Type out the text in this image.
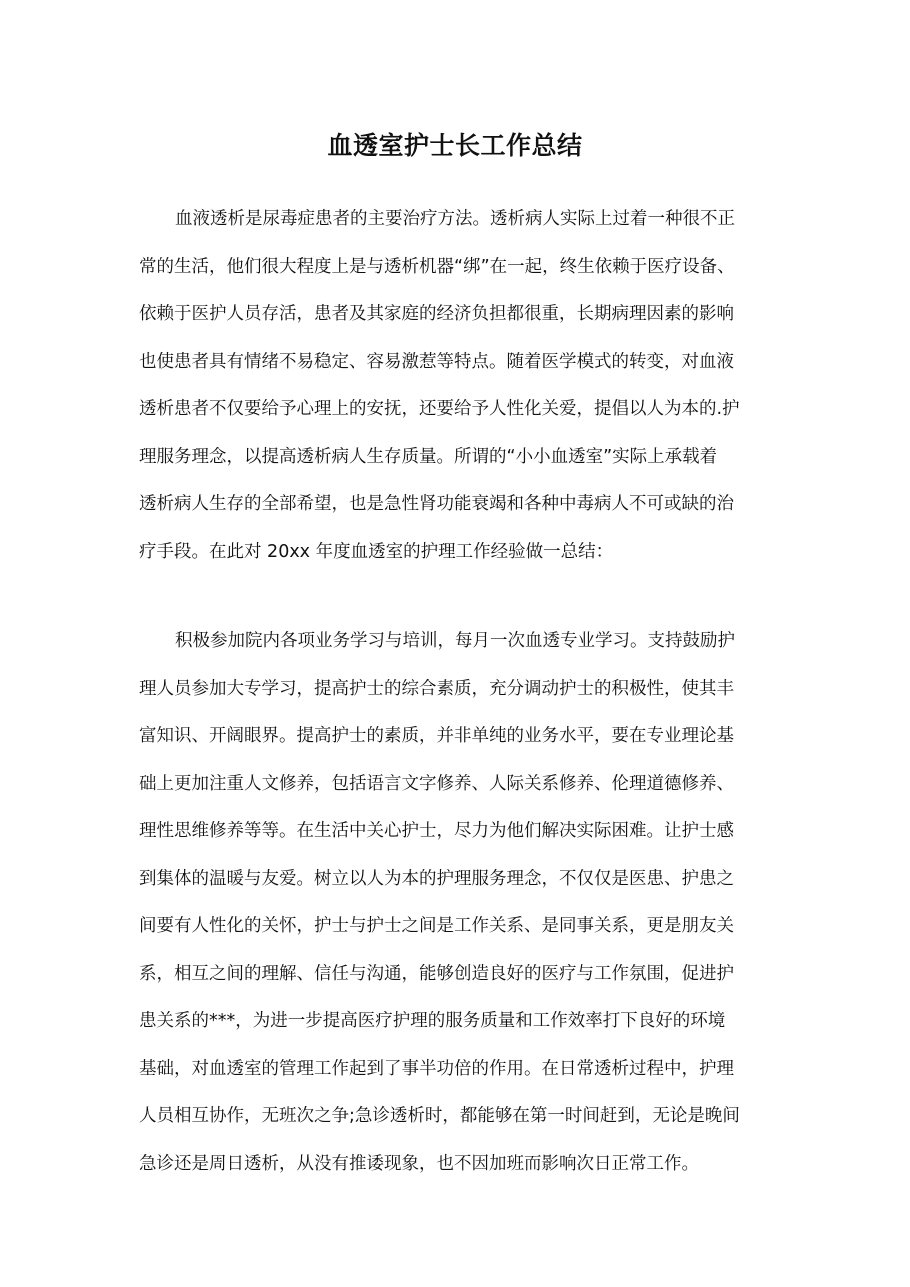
血透室护士长工作总结
血液透析是尿毒症患者的主要治疗方法。透析病人实际上过着一种很不正
常的生活，他们很大程度上是与透析机器“绑”在一起，终生依赖于医疗设备、
依赖于医护人员存活，患者及其家庭的经济负担都很重，长期病理因素的影响
也使患者具有情绪不易稳定、容易激惹等特点。随着医学模式的转变，对血液
透析患者不仅要给予心理上的安抚，还要给予人性化关爱，提倡以人为本的.护
理服务理念，以提高透析病人生存质量。所谓的“小小血透室”实际上承载着
透析病人生存的全部希望，也是急性肾功能衰竭和各种中毒病人不可或缺的治
疗手段。在此对 20xx 年度血透室的护理工作经验做一总结：
积极参加院内各项业务学习与培训，每月一次血透专业学习。支持鼓励护
理人员参加大专学习，提高护士的综合素质，充分调动护士的积极性，使其丰
富知识、开阔眼界。提高护士的素质，并非单纯的业务水平，要在专业理论基
础上更加注重人文修养，包括语言文字修养、人际关系修养、伦理道德修养、
理性思维修养等等。在生活中关心护士，尽力为他们解决实际困难。让护士感
到集体的温暖与友爱。树立以人为本的护理服务理念，不仅仅是医患、护患之
间要有人性化的关怀，护士与护士之间是工作关系、是同事关系，更是朋友关
系，相互之间的理解、信任与沟通，能够创造良好的医疗与工作氛围，促进护
患关系的***，为进一步提高医疗护理的服务质量和工作效率打下良好的环境
基础，对血透室的管理工作起到了事半功倍的作用。在日常透析过程中，护理
人员相互协作，无班次之争;急诊透析时，都能够在第一时间赶到，无论是晚间
急诊还是周日透析，从没有推诿现象，也不因加班而影响次日正常工作。
